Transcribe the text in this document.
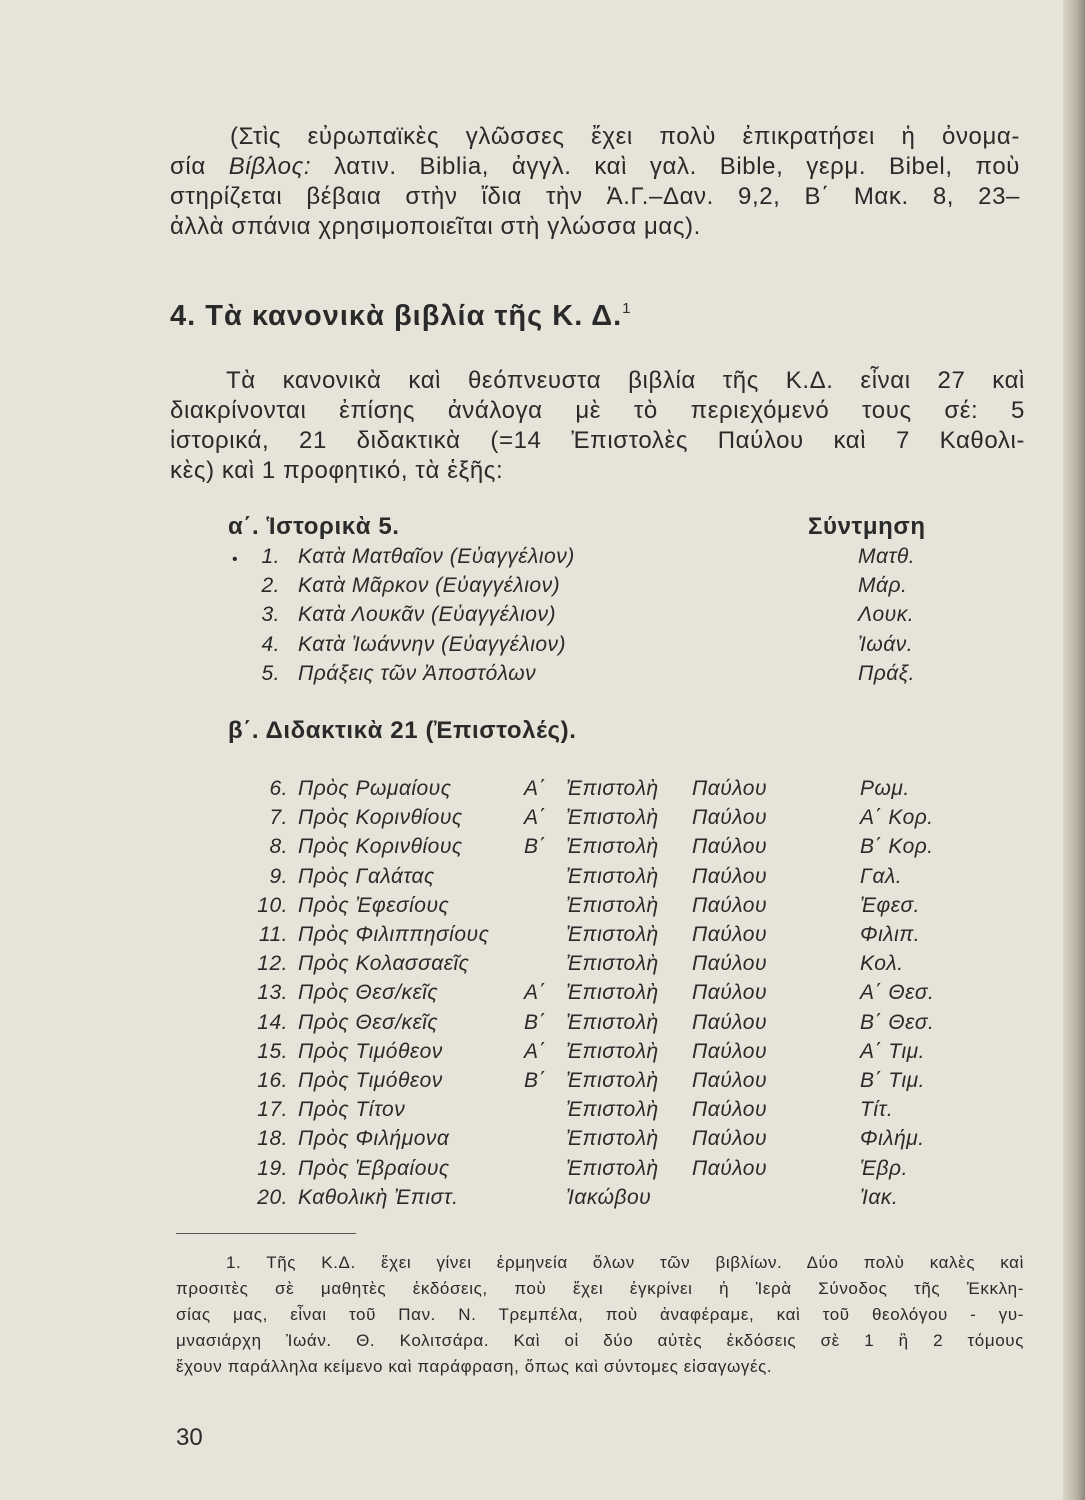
(Στὶς εὐρωπαϊκὲς γλῶσσες ἔχει πολὺ ἐπικρατήσει ἡ ὀνομα-
σία Βίβλος: λατιν. Biblia, ἀγγλ. καὶ γαλ. Bible, γερμ. Bibel, ποὺ
στηρίζεται βέβαια στὴν ἴδια τὴν Ἀ.Γ.–Δαν. 9,2, Β΄ Μακ. 8, 23–
ἀλλὰ σπάνια χρησιμοποιεῖται στὴ γλώσσα μας).
4. Τὰ κανονικὰ βιβλία τῆς Κ. Δ.$^1$
Τὰ κανονικὰ καὶ θεόπνευστα βιβλία τῆς Κ.Δ. εἶναι 27 καὶ
διακρίνονται ἐπίσης ἀνάλογα μὲ τὸ περιεχόμενό τους σέ: 5
ἱστορικά, 21 διδακτικὰ (=14 Ἐπιστολὲς Παύλου καὶ 7 Καθολι-
κὲς) καὶ 1 προφητικό, τὰ ἑξῆς:
α΄. Ἱστορικὰ 5.	Σύντμηση
•	1. Κατὰ Ματθαῖον (Εὐαγγέλιον)	Ματθ.
2. Κατὰ Μᾶρκον (Εὐαγγέλιον)	Μάρ.
3. Κατὰ Λουκᾶν (Εὐαγγέλιον)	Λουκ.
4. Κατὰ Ἰωάννην (Εὐαγγέλιον)	Ἰωάν.
5. Πράξεις τῶν Ἀποστόλων	Πράξ.
β΄. Διδακτικὰ 21 (Ἐπιστολές).
6. Πρὸς Ρωμαίους	Α΄ Ἐπιστολὴ Παύλου	Ρωμ.
7. Πρὸς Κορινθίους	Α΄ Ἐπιστολὴ Παύλου	Α΄ Κορ.
8. Πρὸς Κορινθίους	Β΄ Ἐπιστολὴ Παύλου	Β΄ Κορ.
9. Πρὸς Γαλάτας	Ἐπιστολὴ Παύλου	Γαλ.
10. Πρὸς Ἐφεσίους	Ἐπιστολὴ Παύλου	Ἐφεσ.
11. Πρὸς Φιλιππησίους	Ἐπιστολὴ Παύλου	Φιλιπ.
12. Πρὸς Κολασσαεῖς	Ἐπιστολὴ Παύλου	Κολ.
13. Πρὸς Θεσ/κεῖς	Α΄ Ἐπιστολὴ Παύλου	Α΄ Θεσ.
14. Πρὸς Θεσ/κεῖς	Β΄ Ἐπιστολὴ Παύλου	Β΄ Θεσ.
15. Πρὸς Τιμόθεον	Α΄ Ἐπιστολὴ Παύλου	Α΄ Τιμ.
16. Πρὸς Τιμόθεον	Β΄ Ἐπιστολὴ Παύλου	Β΄ Τιμ.
17. Πρὸς Τίτον	Ἐπιστολὴ Παύλου	Τίτ.
18. Πρὸς Φιλήμονα	Ἐπιστολὴ Παύλου	Φιλήμ.
19. Πρὸς Ἑβραίους	Ἐπιστολὴ Παύλου	Ἑβρ.
20. Καθολικὴ Ἐπιστ.	Ἰακώβου	Ἰακ.
1. Τῆς Κ.Δ. ἔχει γίνει ἑρμηνεία ὅλων τῶν βιβλίων. Δύο πολὺ καλὲς καὶ
προσιτὲς σὲ μαθητὲς ἐκδόσεις, ποὺ ἔχει ἐγκρίνει ἡ Ἱερὰ Σύνοδος τῆς Ἐκκλη-
σίας μας, εἶναι τοῦ Παν. Ν. Τρεμπέλα, ποὺ ἀναφέραμε, καὶ τοῦ θεολόγου - γυ-
μνασιάρχη Ἰωάν. Θ. Κολιτσάρα. Καὶ οἱ δύο αὐτὲς ἐκδόσεις σὲ 1 ἢ 2 τόμους
ἔχουν παράλληλα κείμενο καὶ παράφραση, ὅπως καὶ σύντομες εἰσαγωγές.
30
